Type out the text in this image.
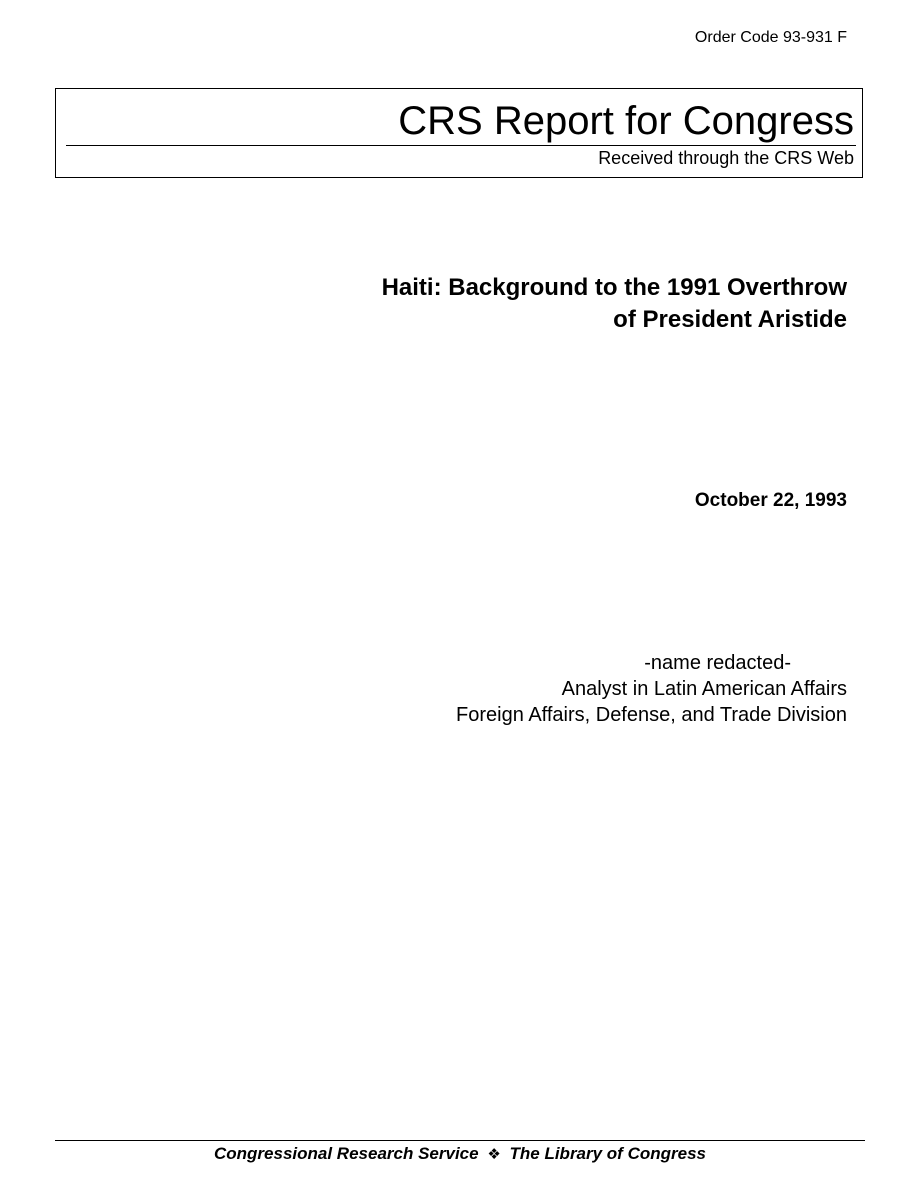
Order Code 93-931 F
CRS Report for Congress
Received through the CRS Web
Haiti: Background to the 1991 Overthrow
of President Aristide
October 22, 1993
-name redacted-
Analyst in Latin American Affairs
Foreign Affairs, Defense, and Trade Division
Congressional Research Service ❖ The Library of Congress
